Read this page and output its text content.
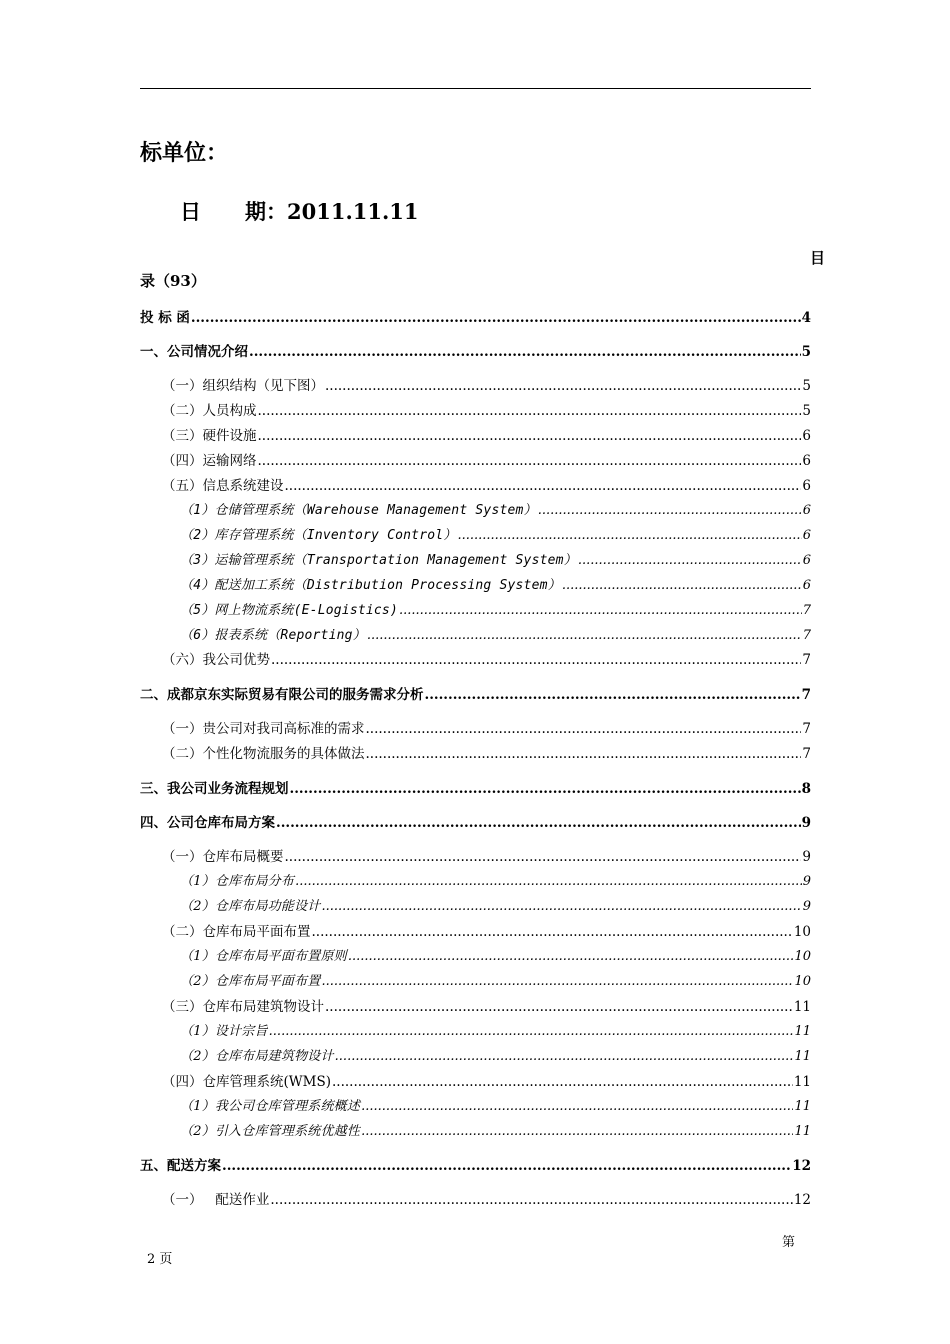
标单位：
日 期：2011.11.11
目
录（93）
投 标 函 .....	4
一、公司情况介绍 .....	5
（一）组织结构（见下图） .....	5
（二）人员构成 .....	5
（三）硬件设施 .....	6
（四）运输网络 .....	6
（五）信息系统建设 .....	6
（1）仓储管理系统（Warehouse Management System） .....	6
（2）库存管理系统（Inventory Control） .....	6
（3）运输管理系统（Transportation Management System） .....	6
（4）配送加工系统（Distribution Processing System） .....	6
（5）网上物流系统(E-Logistics) .....	7
（6）报表系统（Reporting） .....	7
（六）我公司优势 .....	7
二、成都京东实际贸易有限公司的服务需求分析 .....	7
（一）贵公司对我司高标准的需求 .....	7
（二）个性化物流服务的具体做法 .....	7
三、我公司业务流程规划 .....	8
四、公司仓库布局方案 .....	9
（一）仓库布局概要 .....	9
（1）仓库布局分布 .....	9
（2）仓库布局功能设计 .....	9
（二）仓库布局平面布置 .....	10
（1）仓库布局平面布置原则 .....	10
（2）仓库布局平面布置 .....	10
（三）仓库布局建筑物设计 .....	11
（1）设计宗旨 .....	11
（2）仓库布局建筑物设计 .....	11
（四）仓库管理系统(WMS) .....	11
（1）我公司仓库管理系统概述 .....	11
（2）引入仓库管理系统优越性 .....	11
五、配送方案 .....	12
（一）   配送作业 .....	12
第
2 页
